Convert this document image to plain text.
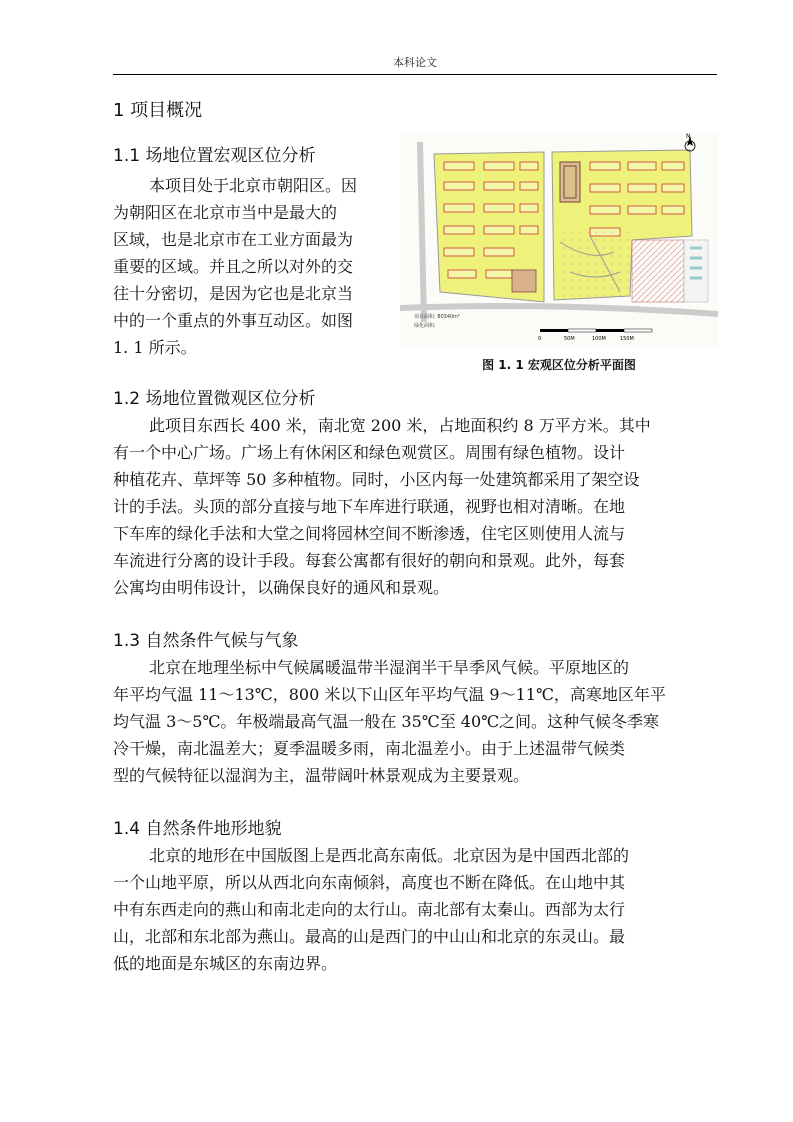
本科论文
1 项目概况
1.1 场地位置宏观区位分析
本项目处于北京市朝阳区。因
为朝阳区在北京市当中是最大的
区域，也是北京市在工业方面最为
重要的区域。并且之所以对外的交
往十分密切，是因为它也是北京当
中的一个重点的外事互动区。如图
1. 1 所示。
N
项目面积: 80340m²
绿化面积:
0	50M	100M	150M
图 1. 1 宏观区位分析平面图
1.2 场地位置微观区位分析
此项目东西长 400 米，南北宽 200 米，占地面积约 8 万平方米。其中
有一个中心广场。广场上有休闲区和绿色观赏区。周围有绿色植物。设计
种植花卉、草坪等 50 多种植物。同时，小区内每一处建筑都采用了架空设
计的手法。头顶的部分直接与地下车库进行联通，视野也相对清晰。在地
下车库的绿化手法和大堂之间将园林空间不断渗透，住宅区则使用人流与
车流进行分离的设计手段。每套公寓都有很好的朝向和景观。此外，每套
公寓均由明伟设计，以确保良好的通风和景观。
1.3 自然条件气候与气象
北京在地理坐标中气候属暖温带半湿润半干旱季风气候。平原地区的
年平均气温 11～13℃，800 米以下山区年平均气温 9～11℃，高寒地区年平
均气温 3～5℃。年极端最高气温一般在 35℃至 40℃之间。这种气候冬季寒
冷干燥，南北温差大；夏季温暖多雨，南北温差小。由于上述温带气候类
型的气候特征以湿润为主，温带阔叶林景观成为主要景观。
1.4 自然条件地形地貌
北京的地形在中国版图上是西北高东南低。北京因为是中国西北部的
一个山地平原，所以从西北向东南倾斜，高度也不断在降低。在山地中其
中有东西走向的燕山和南北走向的太行山。南北部有太秦山。西部为太行
山，北部和东北部为燕山。最高的山是西门的中山山和北京的东灵山。最
低的地面是东城区的东南边界。
